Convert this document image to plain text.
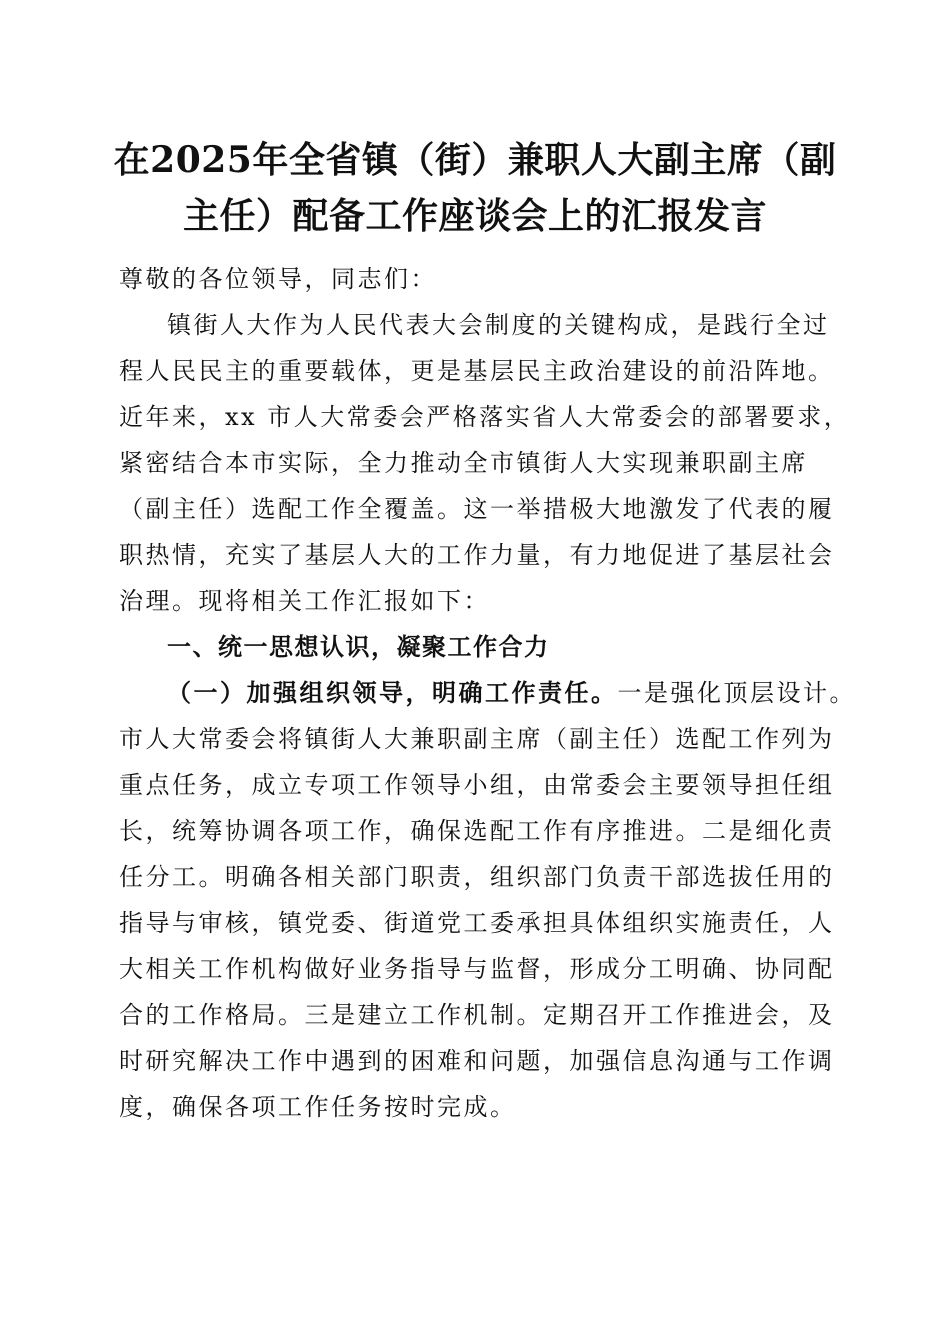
在2025年全省镇（街）兼职人大副主席（副
主任）配备工作座谈会上的汇报发言
尊敬的各位领导，同志们：
镇街人大作为人民代表大会制度的关键构成，是践行全过
程人民民主的重要载体，更是基层民主政治建设的前沿阵地。
近年来，xx 市人大常委会严格落实省人大常委会的部署要求，
紧密结合本市实际，全力推动全市镇街人大实现兼职副主席
（副主任）选配工作全覆盖。这一举措极大地激发了代表的履
职热情，充实了基层人大的工作力量，有力地促进了基层社会
治理。现将相关工作汇报如下：
一、统一思想认识，凝聚工作合力
（一）加强组织领导，明确工作责任。一是强化顶层设计。
市人大常委会将镇街人大兼职副主席（副主任）选配工作列为
重点任务，成立专项工作领导小组，由常委会主要领导担任组
长，统筹协调各项工作，确保选配工作有序推进。二是细化责
任分工。明确各相关部门职责，组织部门负责干部选拔任用的
指导与审核，镇党委、街道党工委承担具体组织实施责任，人
大相关工作机构做好业务指导与监督，形成分工明确、协同配
合的工作格局。三是建立工作机制。定期召开工作推进会，及
时研究解决工作中遇到的困难和问题，加强信息沟通与工作调
度，确保各项工作任务按时完成。
